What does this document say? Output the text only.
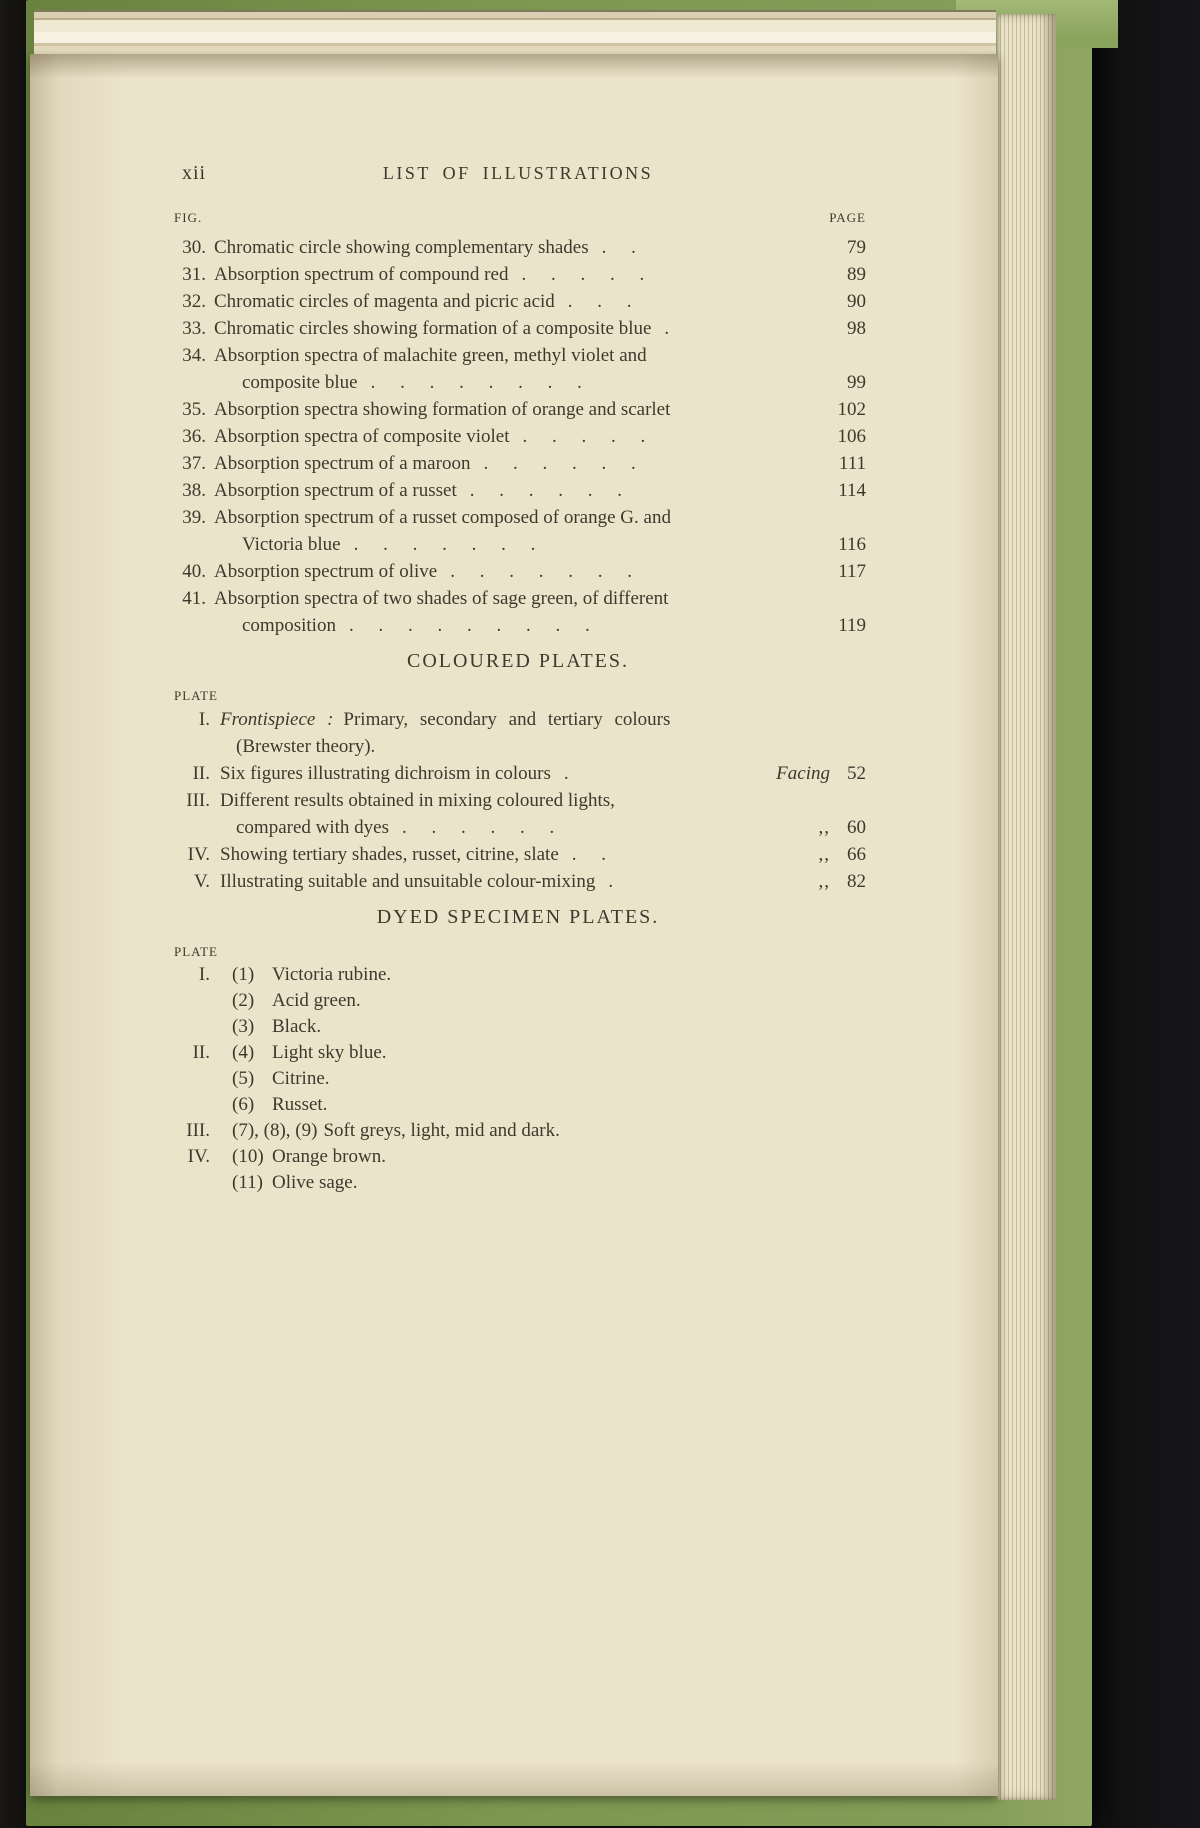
xii	LIST OF ILLUSTRATIONS
FIG.	PAGE
30. Chromatic circle showing complementary shades . .	79
31. Absorption spectrum of compound red . . . . .	89
32. Chromatic circles of magenta and picric acid . . .	90
33. Chromatic circles showing formation of a composite blue .	98
34. Absorption spectra of malachite green, methyl violet and
composite blue . . . . . . . .	99
35. Absorption spectra showing formation of orange and scarlet	102
36. Absorption spectra of composite violet . . . . .	106
37. Absorption spectrum of a maroon . . . . . .	111
38. Absorption spectrum of a russet . . . . . .	114
39. Absorption spectrum of a russet composed of orange G. and
Victoria blue . . . . . . .	116
40. Absorption spectrum of olive . . . . . . .	117
41. Absorption spectra of two shades of sage green, of different
composition . . . . . . . . .	119
COLOURED PLATES.
PLATE
I. Frontispiece : Primary, secondary and tertiary colours
(Brewster theory).
II. Six figures illustrating dichroism in colours .	Facing 52
III. Different results obtained in mixing coloured lights,
compared with dyes . . . . . .	,, 60
IV. Showing tertiary shades, russet, citrine, slate . .	,, 66
V. Illustrating suitable and unsuitable colour-mixing .	,, 82
DYED SPECIMEN PLATES.
PLATE
I. (1) Victoria rubine.
(2) Acid green.
(3) Black.
II. (4) Light sky blue.
(5) Citrine.
(6) Russet.
III. (7), (8), (9) Soft greys, light, mid and dark.
IV. (10) Orange brown.
(11) Olive sage.
